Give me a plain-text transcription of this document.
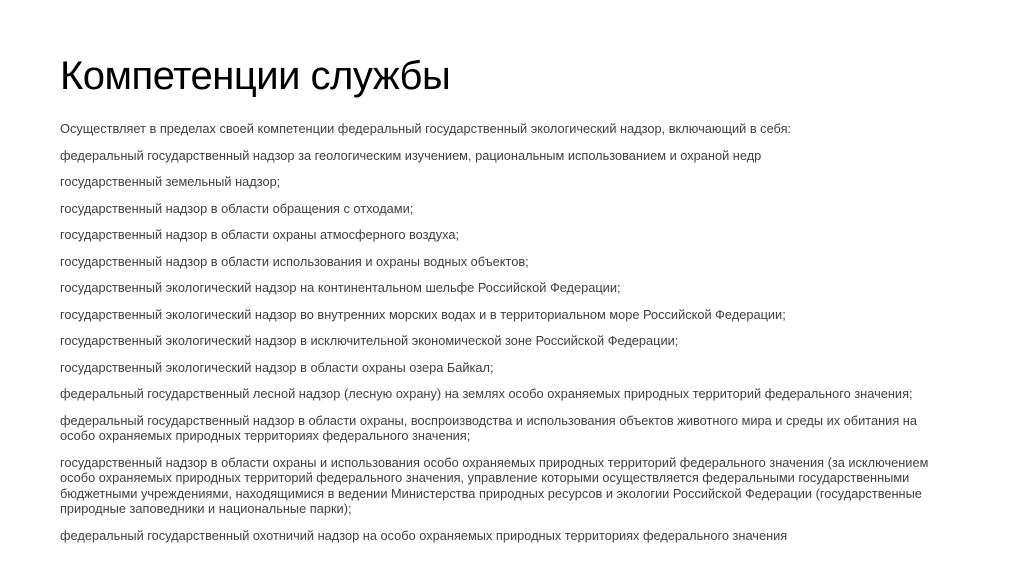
Компетенции службы

Осуществляет в пределах своей компетенции федеральный государственный экологический надзор, включающий в себя:

федеральный государственный надзор за геологическим изучением, рациональным использованием и охраной недр

государственный земельный надзор;

государственный надзор в области обращения с отходами;

государственный надзор в области охраны атмосферного воздуха;

государственный надзор в области использования и охраны водных объектов;

государственный экологический надзор на континентальном шельфе Российской Федерации;

государственный экологический надзор во внутренних морских водах и в территориальном море Российской Федерации;

государственный экологический надзор в исключительной экономической зоне Российской Федерации;

государственный экологический надзор в области охраны озера Байкал;

федеральный государственный лесной надзор (лесную охрану) на землях особо охраняемых природных территорий федерального значения;

федеральный государственный надзор в области охраны, воспроизводства и использования объектов животного мира и среды их обитания на особо охраняемых природных территориях федерального значения;

государственный надзор в области охраны и использования особо охраняемых природных территорий федерального значения (за исключением особо охраняемых природных территорий федерального значения, управление которыми осуществляется федеральными государственными бюджетными учреждениями, находящимися в ведении Министерства природных ресурсов и экологии Российской Федерации (государственные природные заповедники и национальные парки);

федеральный государственный охотничий надзор на особо охраняемых природных территориях федерального значения
